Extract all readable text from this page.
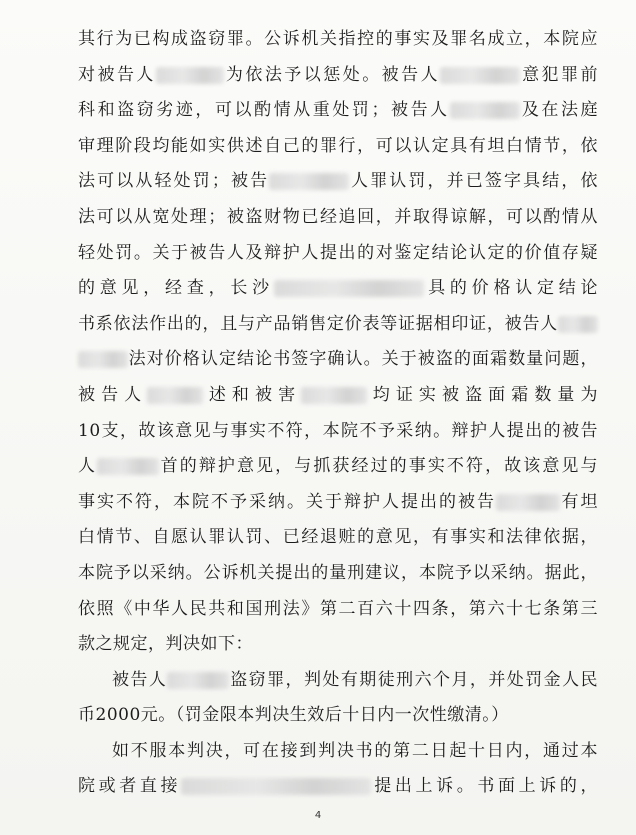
其行为已构成盗窃罪。公诉机关指控的事实及罪名成立，本院应
对被告人	为依法予以惩处。被告人	意犯罪前
科和盗窃劣迹，可以酌情从重处罚；被告人	及在法庭
审理阶段均能如实供述自己的罪行，可以认定具有坦白情节，依
法可以从轻处罚；被告	人罪认罚，并已签字具结，依
法可以从宽处理；被盗财物已经追回，并取得谅解，可以酌情从
轻处罚。关于被告人及辩护人提出的对鉴定结论认定的价值存疑
的意见，经查，长沙	具的价格认定结论
书系依法作出的，且与产品销售定价表等证据相印证，被告人
法对价格认定结论书签字确认。关于被盗的面霜数量问题，
被告人	述和被害	均证实被盗面霜数量为
10支，故该意见与事实不符，本院不予采纳。辩护人提出的被告
人	首的辩护意见，与抓获经过的事实不符，故该意见与
事实不符，本院不予采纳。关于辩护人提出的被告	有坦
白情节、自愿认罪认罚、已经退赃的意见，有事实和法律依据，
本院予以采纳。公诉机关提出的量刑建议，本院予以采纳。据此，
依照《中华人民共和国刑法》第二百六十四条，第六十七条第三
款之规定，判决如下：
被告人	盗窃罪，判处有期徒刑六个月，并处罚金人民
币2000元。（罚金限本判决生效后十日内一次性缴清。）
如不服本判决，可在接到判决书的第二日起十日内，通过本
院或者直接	提出上诉。书面上诉的，
4
